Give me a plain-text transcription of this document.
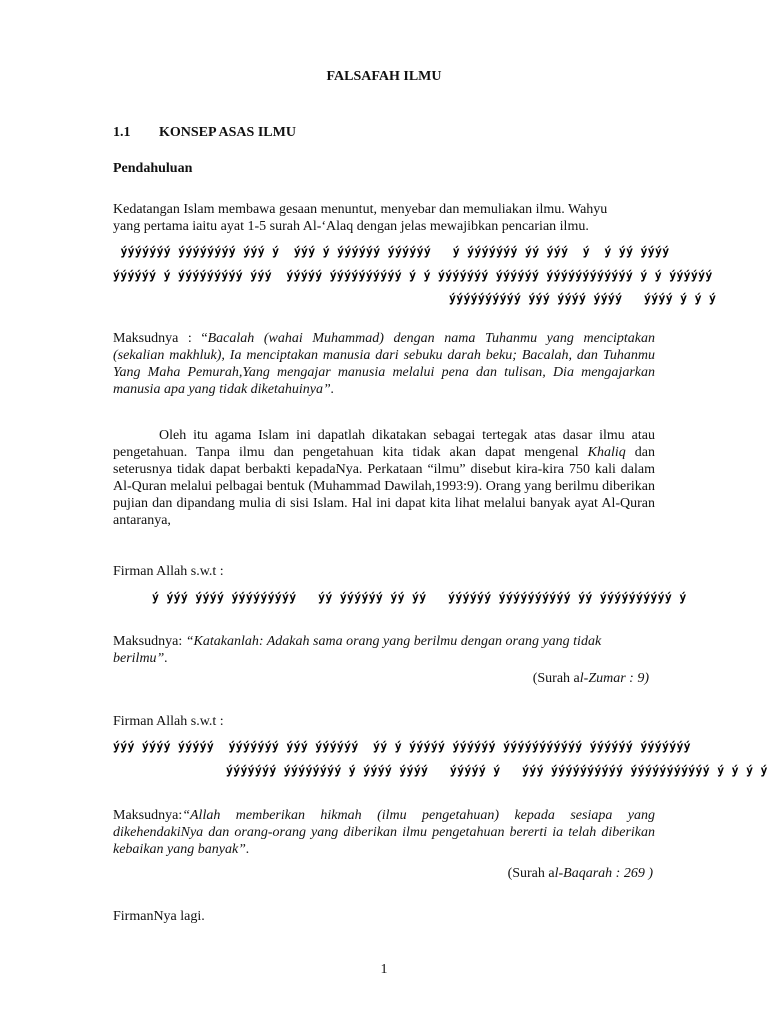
FALSAFAH ILMU
1.1 KONSEP ASAS ILMU
Pendahuluan
Kedatangan Islam membawa gesaan menuntut, menyebar dan memuliakan ilmu. Wahyu
yang pertama iaitu ayat 1-5 surah Al-‘Alaq dengan jelas mewajibkan pencarian ilmu.
ýýýýýýý ýýýýýýýý ýýý ý  ýýý ý ýýýýýý ýýýýýý   ý ýýýýýýý ýý ýýý  ý  ý ýý ýýýý
ýýýýýý ý ýýýýýýýýý ýýý  ýýýýý ýýýýýýýýýý ý ý ýýýýýýý ýýýýýý ýýýýýýýýýýýý ý ý ýýýýýý
ýýýýýýýýýý ýýý ýýýý ýýýý   ýýýý ý ý ý
Maksudnya : “Bacalah (wahai Muhammad) dengan nama Tuhanmu yang menciptakan (sekalian makhluk), Ia menciptakan manusia dari sebuku darah beku; Bacalah, dan Tuhanmu Yang Maha Pemurah,Yang mengajar manusia melalui pena dan tulisan, Dia mengajarkan manusia apa yang tidak diketahuinya”.
Oleh itu agama Islam ini dapatlah dikatakan sebagai tertegak atas dasar ilmu atau pengetahuan. Tanpa ilmu dan pengetahuan kita tidak akan dapat mengenal Khaliq dan seterusnya tidak dapat berbakti kepadaNya. Perkataan “ilmu” disebut kira-kira 750 kali dalam Al-Quran melalui pelbagai bentuk (Muhammad Dawilah,1993:9). Orang yang berilmu diberikan pujian dan dipandang mulia di sisi Islam. Hal ini dapat kita lihat melalui banyak ayat Al-Quran antaranya,
Firman Allah s.w.t :
ý ýýý ýýýý ýýýýýýýýý   ýý ýýýýýý ýý ýý   ýýýýýý ýýýýýýýýýý ýý ýýýýýýýýýý ý
Maksudnya: “Katakanlah: Adakah sama orang yang berilmu dengan orang yang tidak berilmu”.
(Surah al-Zumar : 9)
Firman Allah s.w.t :
ýýý ýýýý ýýýýý  ýýýýýýý ýýý ýýýýýý  ýý ý ýýýýý ýýýýýý ýýýýýýýýýýý ýýýýýý ýýýýýýý
ýýýýýýý ýýýýýýýý ý ýýýý ýýýý   ýýýýý ý   ýýý ýýýýýýýýýý ýýýýýýýýýýý ý ý ý ý
Maksudnya:“Allah memberikan hikmah (ilmu pengetahuan) kepada sesiapa yang dikehendakiNya dan orang-orang yang diberikan ilmu pengetahuan bererti ia telah diberikan kebaikan yang banyak”.
(Surah al-Baqarah : 269 )
FirmanNya lagi.
1
